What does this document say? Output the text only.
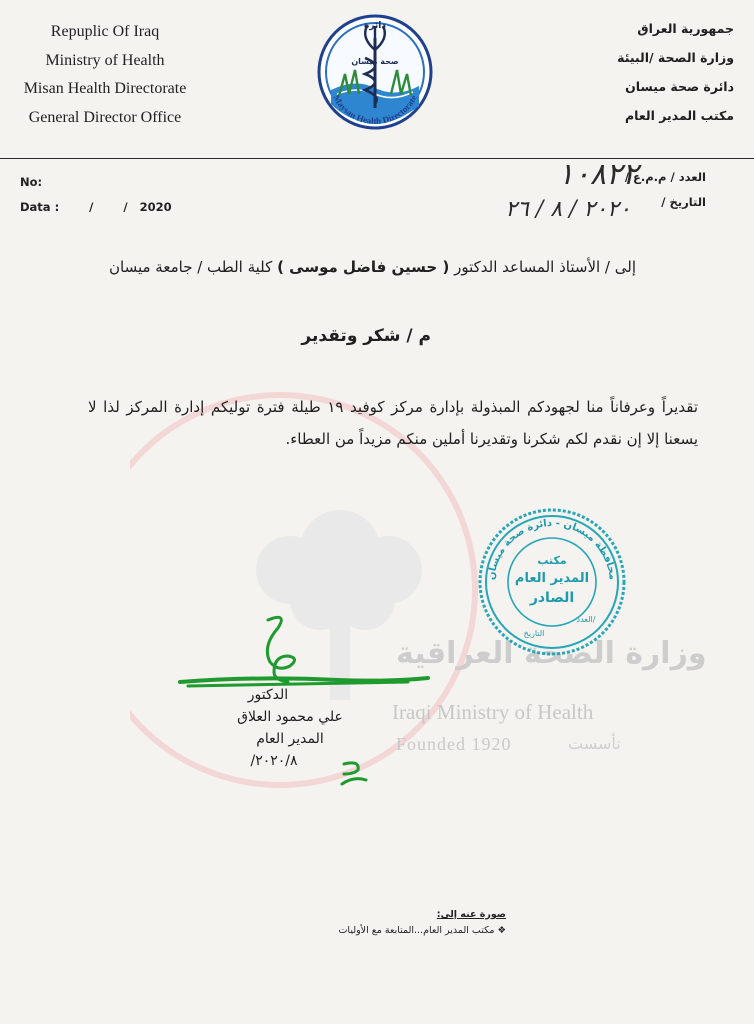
Repuplic Of Iraq
Ministry of Health
Misan Health Directorate
General Director Office
دائرة
صحة ميسان
Maysan Health Directorate
جمهورية العراق
وزارة الصحة /البيئة
دائرة صحة ميسان
مكتب المدير العام
No:
Data :	/	/ 2020
العدد / م.م.ع /
التاريخ /
١٠٨٢٢
٢٠٢٠ / ٨ / ٢٦
وزارة الصحة العراقية
Iraqi Ministry of Health
Founded 1920	تأسست
إلى / الأستاذ المساعد الدكتور ( حسين فاضل موسى ) كلية الطب / جامعة ميسان
م / شكر وتقدير
تقديراً وعرفاناً منا لجهودكم المبذولة بإدارة مركز كوفيد ١٩ طيلة فترة توليكم إدارة المركز لذا لا يسعنا إلا إن نقدم لكم شكرنا وتقديرنا أملين منكم مزيداً من العطاء.
محافظة ميسان - دائرة صحة ميسان
مكتب
المدير العام
الصادر
العدد/
التاريخ
الدكتور
علي محمود العلاق
المدير العام
٢٠٢٠/٨/
صورة عنه إلى:
❖ مكتب المدير العام...المتابعة مع الأوليات
